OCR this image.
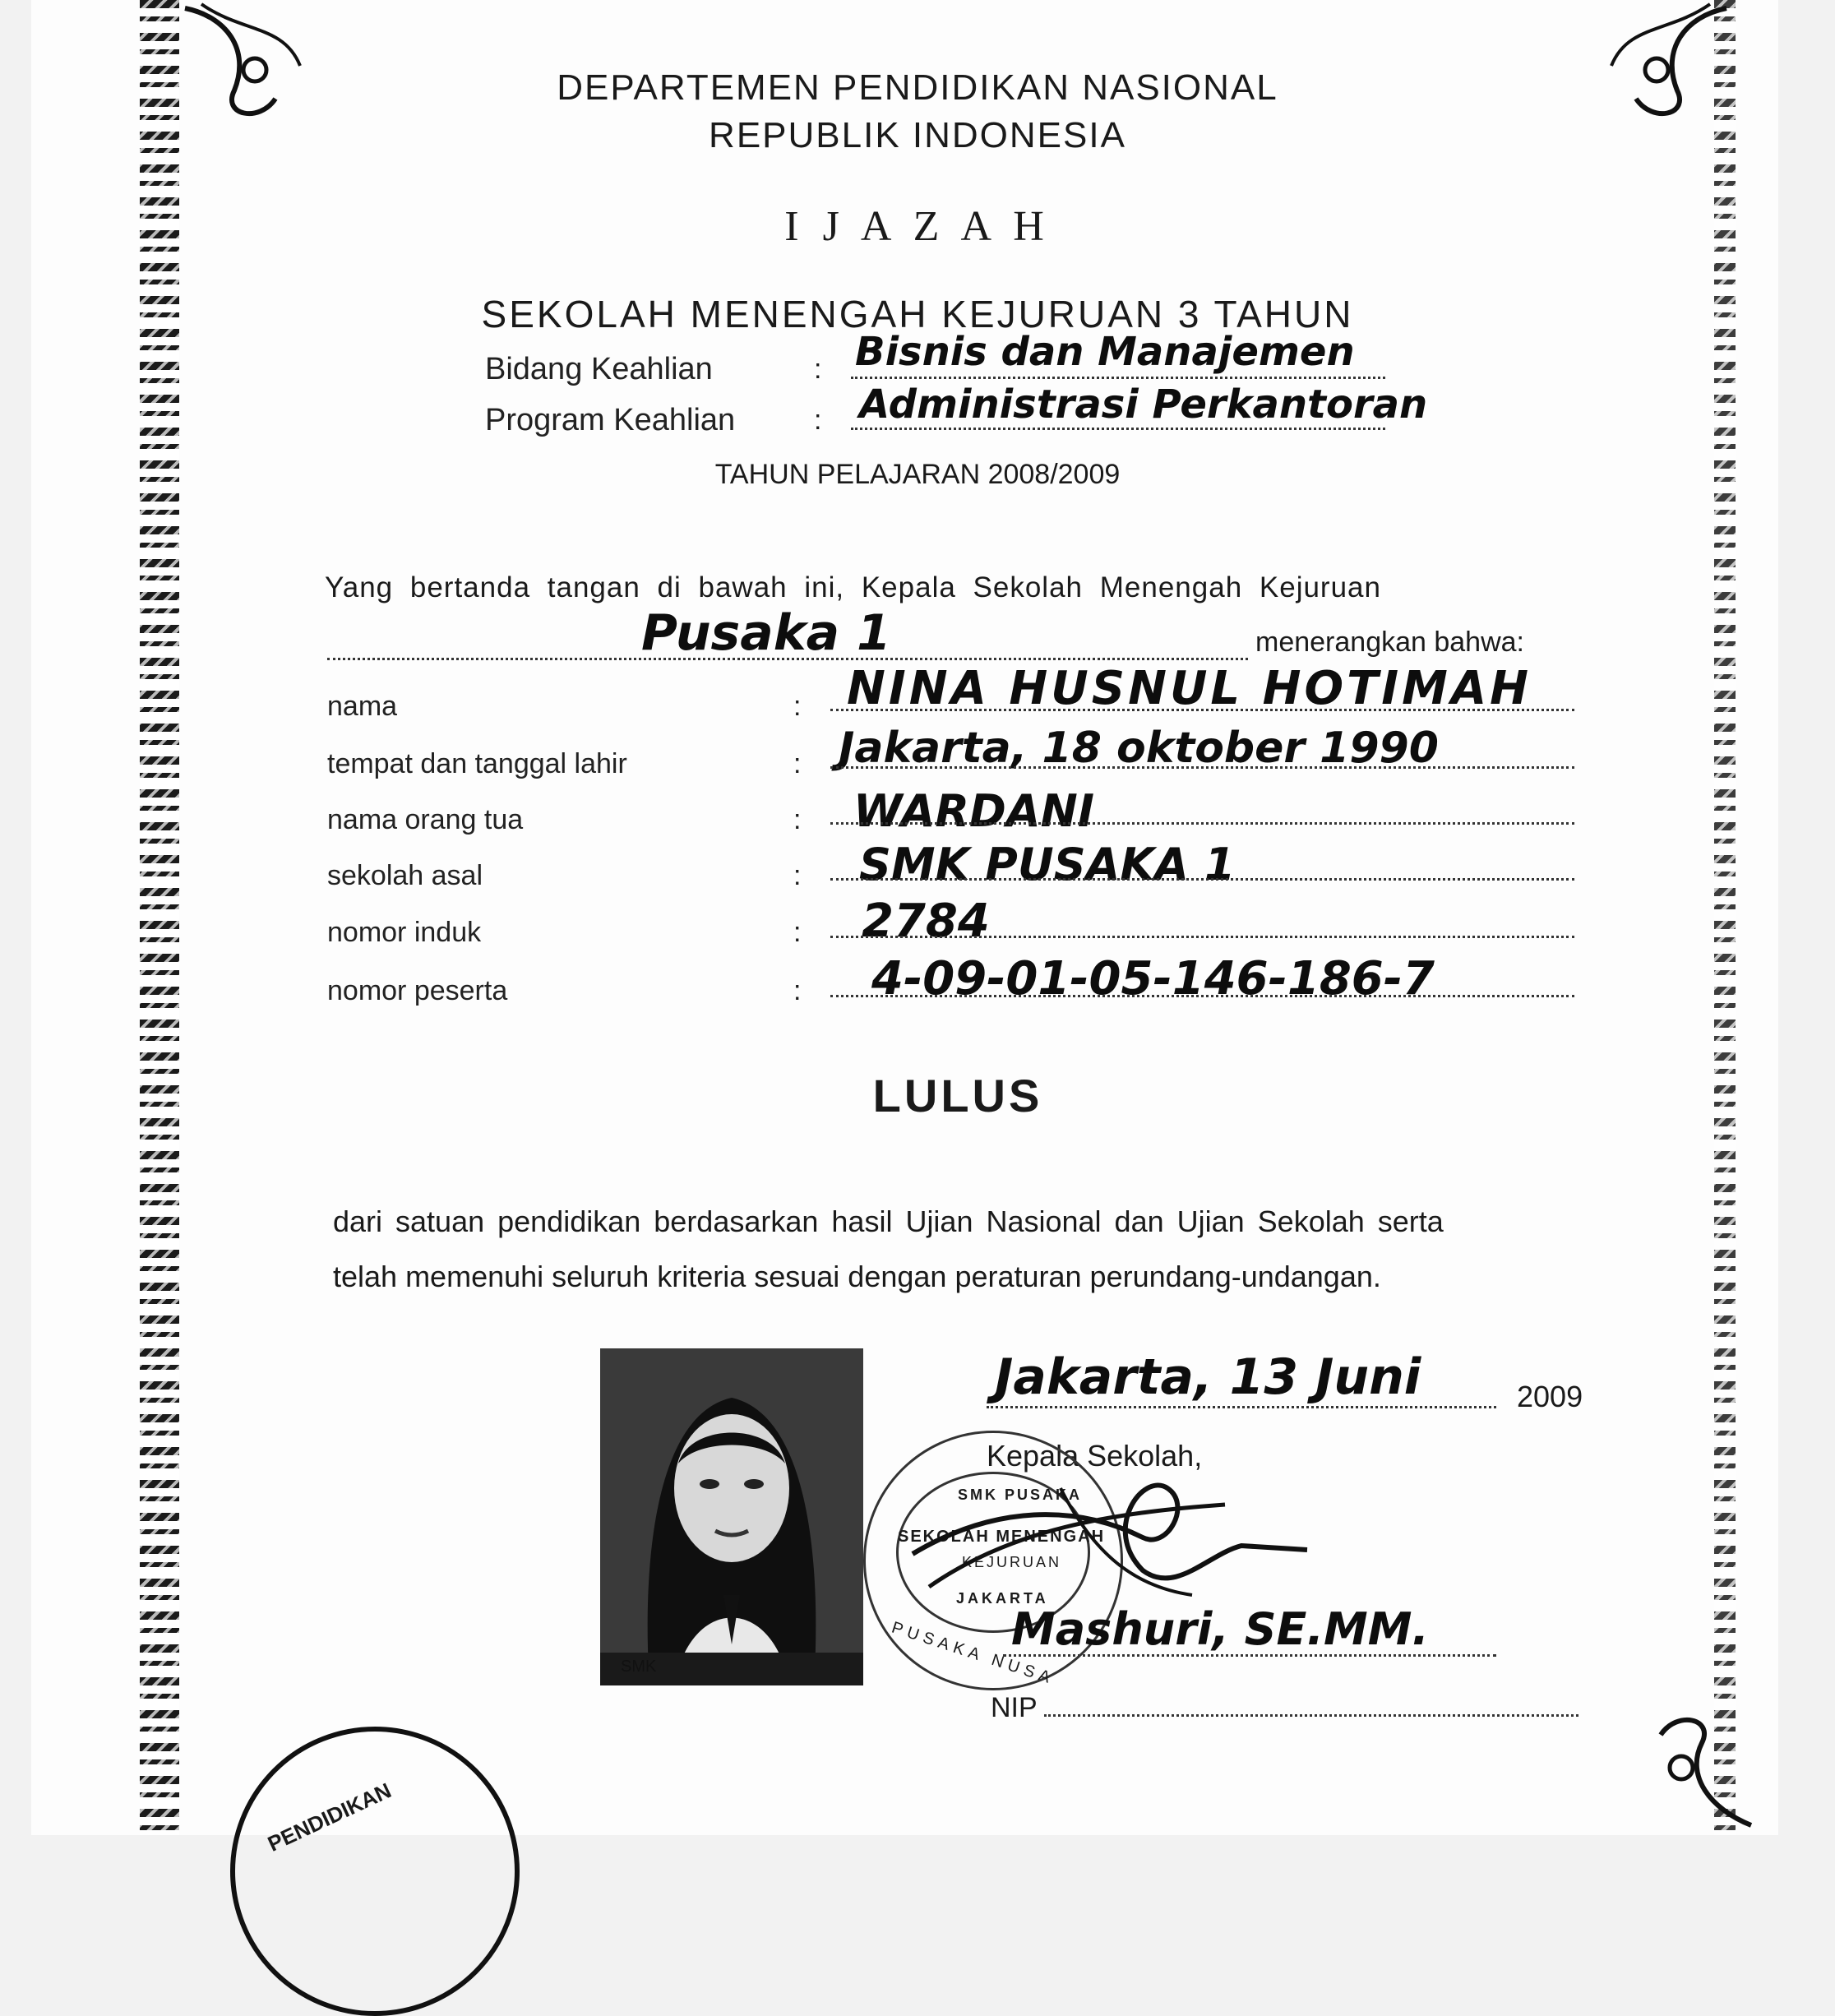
DEPARTEMEN PENDIDIKAN NASIONAL
REPUBLIK INDONESIA
I J A Z A H
SEKOLAH MENENGAH KEJURUAN 3 TAHUN
Bidang Keahlian	: Bisnis dan Manajemen
Program Keahlian	: Administrasi Perkantoran
TAHUN PELAJARAN 2008/2009
Yang bertanda tangan di bawah ini, Kepala Sekolah Menengah Kejuruan
Pusaka 1	menerangkan bahwa:
nama	: NINA HUSNUL HOTIMAH
tempat dan tanggal lahir	: Jakarta, 18 oktober 1990
nama orang tua	: WARDANI
sekolah asal	: SMK PUSAKA 1
nomor induk	: 2784
nomor peserta	: 4-09-01-05-146-186-7
LULUS
dari satuan pendidikan berdasarkan hasil Ujian Nasional dan Ujian Sekolah serta
telah memenuhi seluruh kriteria sesuai dengan peraturan perundang-undangan.
SMK
Jakarta, 13 Juni	2009
Kepala Sekolah,
SMK PUSAKA
SEKOLAH MENENGAH
KEJURUAN
JAKARTA
PUSAKA NUSA
Mashuri, SE.MM.
NIP
PENDIDIKAN
